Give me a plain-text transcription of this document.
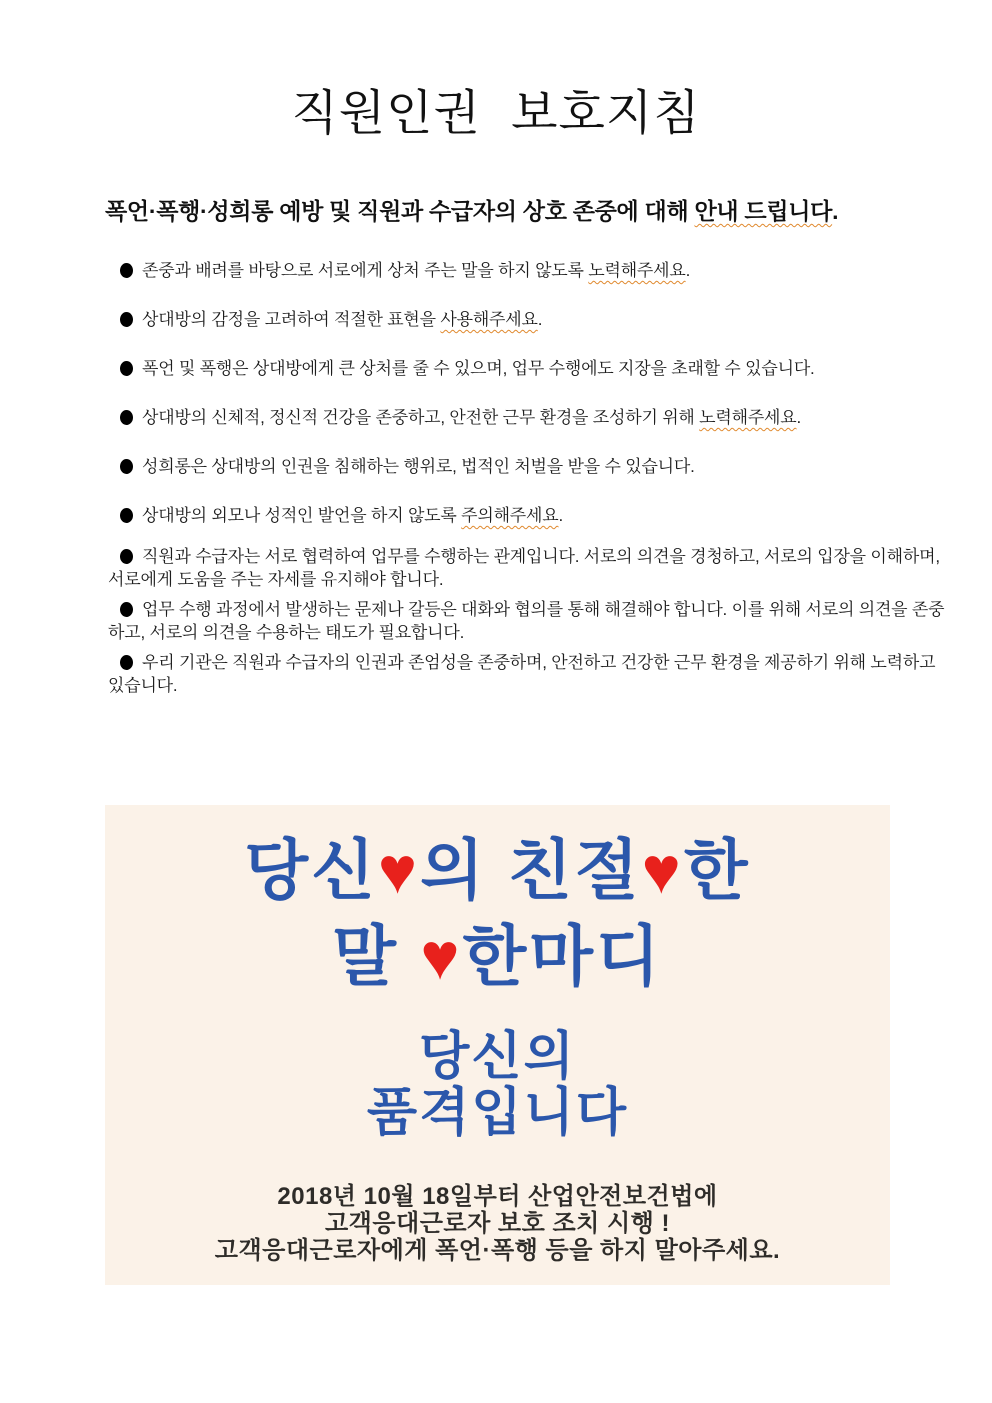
직원인권 보호지침
폭언·폭행·성희롱 예방 및 직원과 수급자의 상호 존중에 대해 안내 드립니다.

존중과 배려를 바탕으로 서로에게 상처 주는 말을 하지 않도록 노력해주세요.

상대방의 감정을 고려하여 적절한 표현을 사용해주세요.

폭언 및 폭행은 상대방에게 큰 상처를 줄 수 있으며, 업무 수행에도 지장을 초래할 수 있습니다.

상대방의 신체적, 정신적 건강을 존중하고, 안전한 근무 환경을 조성하기 위해 노력해주세요.

성희롱은 상대방의 인권을 침해하는 행위로, 법적인 처벌을 받을 수 있습니다.

상대방의 외모나 성적인 발언을 하지 않도록 주의해주세요.

직원과 수급자는 서로 협력하여 업무를 수행하는 관계입니다. 서로의 의견을 경청하고, 서로의 입장을 이해하며, 서로에게 도움을 주는 자세를 유지해야 합니다.

업무 수행 과정에서 발생하는 문제나 갈등은 대화와 협의를 통해 해결해야 합니다. 이를 위해 서로의 의견을 존중하고, 서로의 의견을 수용하는 태도가 필요합니다.

우리 기관은 직원과 수급자의 인권과 존엄성을 존중하며, 안전하고 건강한 근무 환경을 제공하기 위해 노력하고 있습니다.

당신♥의 친절♥한
말 ♥한마디
당신의
품격입니다
2018년 10월 18일부터 산업안전보건법에
고객응대근로자 보호 조치 시행 !
고객응대근로자에게 폭언·폭행 등을 하지 말아주세요.
